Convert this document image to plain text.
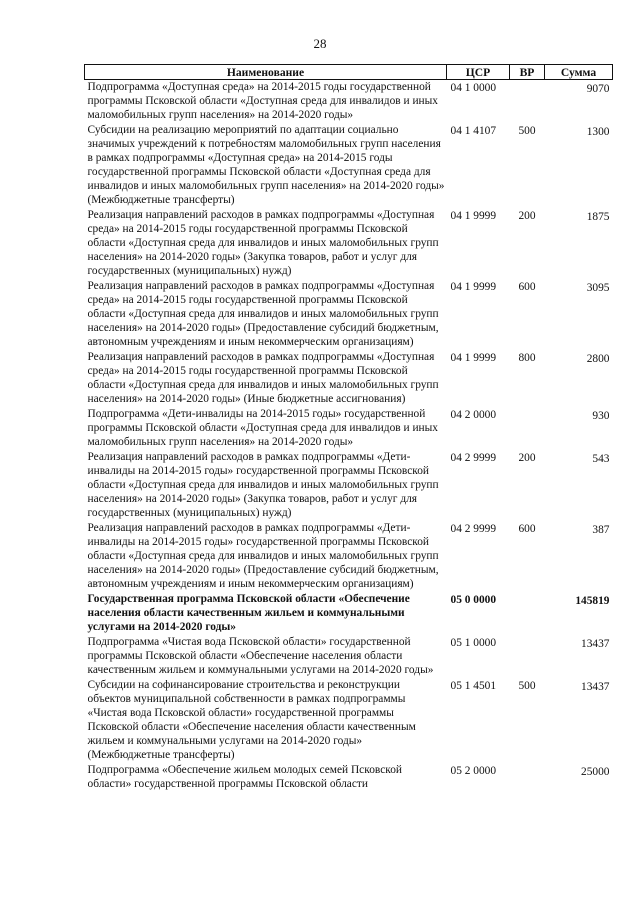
28
Наименование	ЦСР	ВР	Сумма
Подпрограмма «Доступная среда» на 2014-2015 годы государственной программы Псковской области «Доступная среда для инвалидов и иных маломобильных групп населения» на 2014-2020 годы»	04 1 0000		9070
Субсидии на реализацию мероприятий по адаптации социально значимых учреждений к потребностям маломобильных групп населения в рамках подпрограммы «Доступная среда» на 2014-2015 годы государственной программы Псковской области «Доступная среда для инвалидов и иных маломобильных групп населения» на 2014-2020 годы» (Межбюджетные трансферты)	04 1 4107	500	1300
Реализация направлений расходов в рамках подпрограммы «Доступная среда» на 2014-2015 годы государственной программы Псковской области «Доступная среда для инвалидов и иных маломобильных групп населения» на 2014-2020 годы» (Закупка товаров, работ и услуг для государственных (муниципальных) нужд)	04 1 9999	200	1875
Реализация направлений расходов в рамках подпрограммы «Доступная среда» на 2014-2015 годы государственной программы Псковской области «Доступная среда для инвалидов и иных маломобильных групп населения» на 2014-2020 годы» (Предоставление субсидий бюджетным, автономным учреждениям и иным некоммерческим организациям)	04 1 9999	600	3095
Реализация направлений расходов в рамках подпрограммы «Доступная среда» на 2014-2015 годы государственной программы Псковской области «Доступная среда для инвалидов и иных маломобильных групп населения» на 2014-2020 годы» (Иные бюджетные ассигнования)	04 1 9999	800	2800
Подпрограмма «Дети-инвалиды на 2014-2015 годы» государственной программы Псковской области «Доступная среда для инвалидов и иных маломобильных групп населения» на 2014-2020 годы»	04 2 0000		930
Реализация направлений расходов в рамках подпрограммы «Дети-инвалиды на 2014-2015 годы» государственной программы Псковской области «Доступная среда для инвалидов и иных маломобильных групп населения» на 2014-2020 годы» (Закупка товаров, работ и услуг для государственных (муниципальных) нужд)	04 2 9999	200	543
Реализация направлений расходов в рамках подпрограммы «Дети-инвалиды на 2014-2015 годы» государственной программы Псковской области «Доступная среда для инвалидов и иных маломобильных групп населения» на 2014-2020 годы» (Предоставление субсидий бюджетным, автономным учреждениям и иным некоммерческим организациям)	04 2 9999	600	387
Государственная программа Псковской области «Обеспечение населения области качественным жильем и коммунальными услугами на 2014-2020 годы»	05 0 0000		145819
Подпрограмма «Чистая вода Псковской области» государственной программы Псковской области «Обеспечение населения области качественным жильем и коммунальными услугами на 2014-2020 годы»	05 1 0000		13437
Субсидии на софинансирование строительства и реконструкции объектов муниципальной собственности в рамках подпрограммы «Чистая вода Псковской области» государственной программы Псковской области «Обеспечение населения области качественным жильем и коммунальными услугами на 2014-2020 годы» (Межбюджетные трансферты)	05 1 4501	500	13437
Подпрограмма «Обеспечение жильем молодых семей Псковской области» государственной программы Псковской области	05 2 0000		25000
